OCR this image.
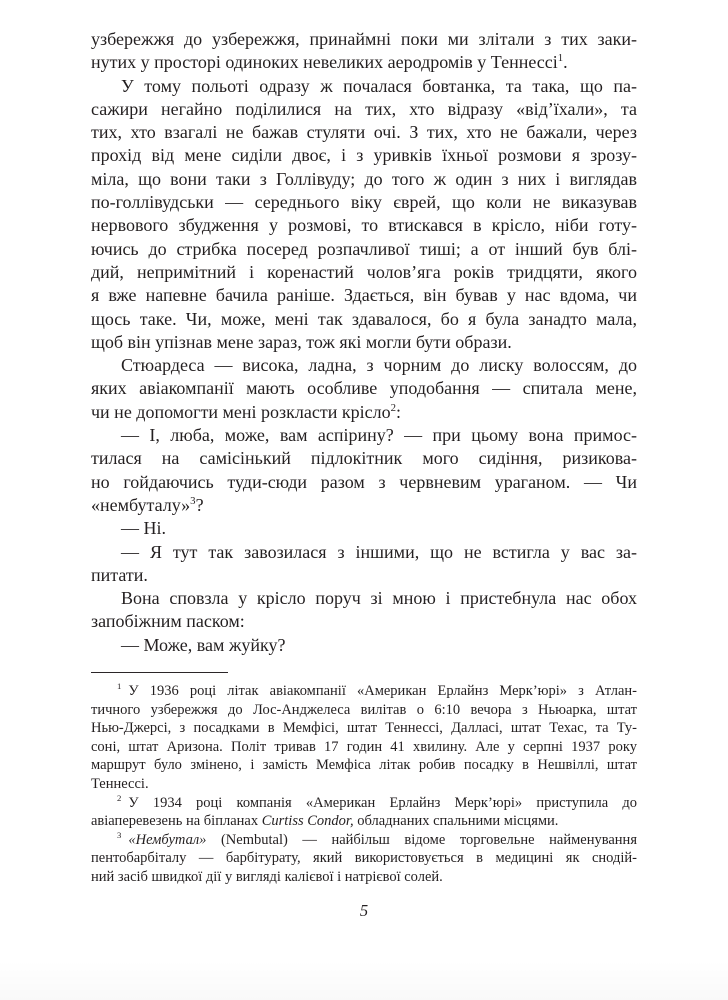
узбережжя до узбережжя, принаймні поки ми злітали з тих заки-
нутих у просторі одиноких невеликих аеродромів у Теннессі$^1$.
У тому польоті одразу ж почалася бовтанка, та така, що па-
сажири негайно поділилися на тих, хто відразу «від’їхали», та
тих, хто взагалі не бажав стуляти очі. З тих, хто не бажали, через
прохід від мене сиділи двоє, і з уривків їхньої розмови я зрозу-
міла, що вони таки з Голлівуду; до того ж один з них і виглядав
по-голлівудськи — середнього віку єврей, що коли не виказував
нервового збудження у розмові, то втискався в крісло, ніби готу-
ючись до стрибка посеред розпачливої тиші; а от інший був блі-
дий, непримітний і коренастий чолов’яга років тридцяти, якого
я вже напевне бачила раніше. Здається, він бував у нас вдома, чи
щось таке. Чи, може, мені так здавалося, бо я була занадто мала,
щоб він упізнав мене зараз, тож які могли бути образи.
Стюардеса — висока, ладна, з чорним до лиску волоссям, до
яких авіакомпанії мають особливе уподобання — спитала мене,
чи не допомогти мені розкласти крісло$^2$:
— І, люба, може, вам аспірину? — при цьому вона примос-
тилася на самісінький підлокітник мого сидіння, ризикова-
но гойдаючись туди-сюди разом з червневим ураганом. — Чи
«нембуталу»$^3$?
— Ні.
— Я тут так завозилася з іншими, що не встигла у вас за-
питати.
Вона сповзла у крісло поруч зі мною і пристебнула нас обох
запобіжним паском:
— Може, вам жуйку?
$^1$ У 1936 році літак авіакомпанії «Американ Ерлайнз Мерк’юрі» з Атлан-
тичного узбережжя до Лос-Анджелеса вилітав о 6:10 вечора з Ньюарка, штат
Нью-Джерсі, з посадками в Мемфісі, штат Теннессі, Далласі, штат Техас, та Ту-
соні, штат Аризона. Політ тривав 17 годин 41 хвилину. Але у серпні 1937 року
маршрут було змінено, і замість Мемфіса літак робив посадку в Нешвіллі, штат
Теннессі.
$^2$ У 1934 році компанія «Американ Ерлайнз Мерк’юрі» приступила до
авіаперевезень на біпланах Curtiss Condor, обладнаних спальними місцями.
$^3$ «Нембутал» (Nembutal) — найбільш відоме торговельне найменування
пентобарбіталу — барбітурату, який використовується в медицині як снодій-
ний засіб швидкої дії у вигляді калієвої і натрієвої солей.
5
